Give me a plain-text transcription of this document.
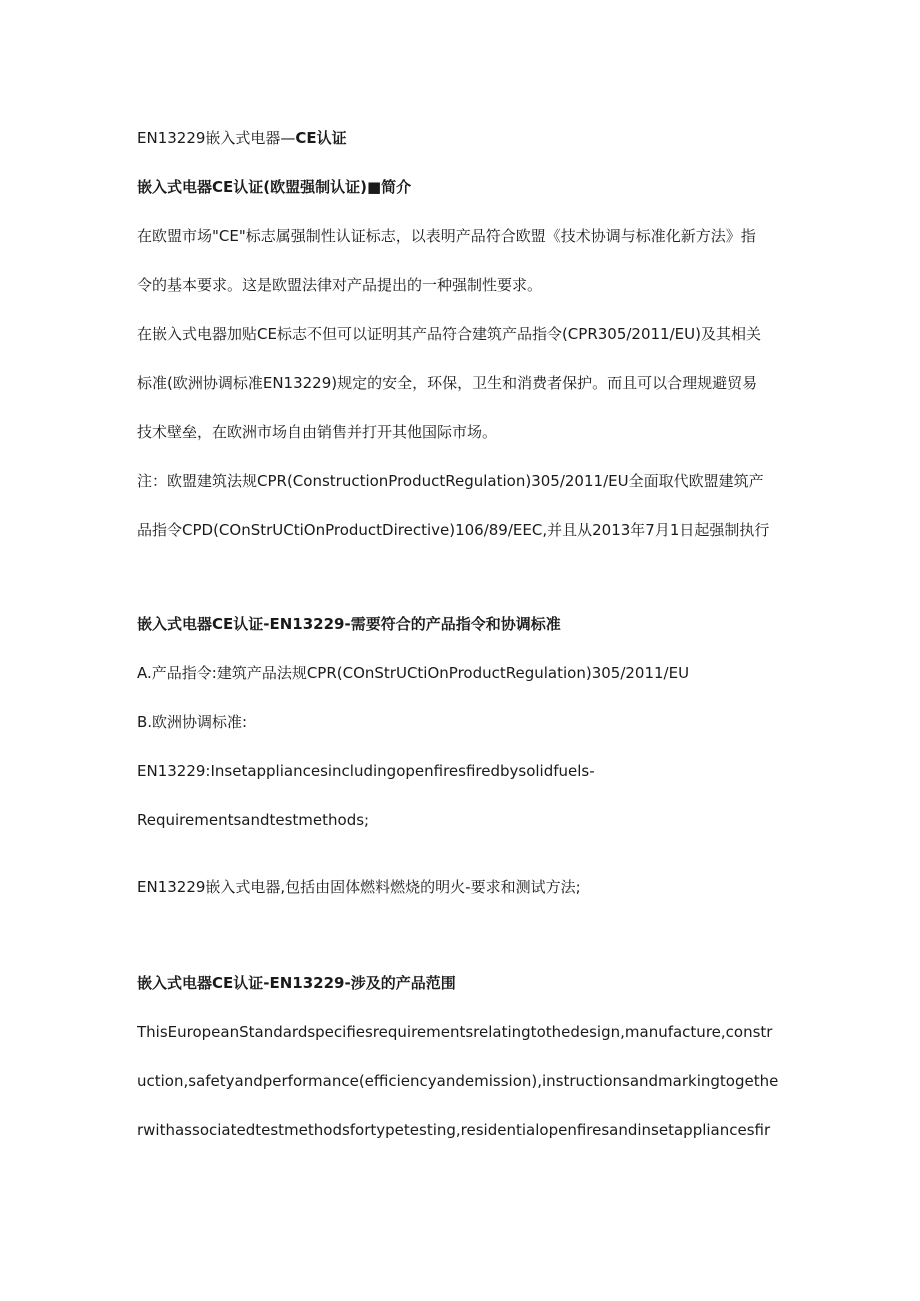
EN13229嵌入式电器—CE认证
嵌入式电器CE认证(欧盟强制认证)■简介
在欧盟市场"CE"标志属强制性认证标志，以表明产品符合欧盟《技术协调与标准化新方法》指
令的基本要求。这是欧盟法律对产品提出的一种强制性要求。
在嵌入式电器加贴CE标志不但可以证明其产品符合建筑产品指令(CPR305/2011/EU)及其相关
标准(欧洲协调标准EN13229)规定的安全，环保，卫生和消费者保护。而且可以合理规避贸易
技术壁垒，在欧洲市场自由销售并打开其他国际市场。
注：欧盟建筑法规CPR(ConstructionProductRegulation)305/2011/EU全面取代欧盟建筑产
品指令CPD(COnStrUCtiOnProductDirective)106/89/EEC,并且从2013年7月1日起强制执行
嵌入式电器CE认证-EN13229-需要符合的产品指令和协调标准
A.产品指令:建筑产品法规CPR(COnStrUCtiOnProductRegulation)305/2011/EU
B.欧洲协调标准:
EN13229:Insetappliancesincludingopenfiresfiredbysolidfuels-
Requirementsandtestmethods;
EN13229嵌入式电器,包括由固体燃料燃烧的明火-要求和测试方法;
嵌入式电器CE认证-EN13229-涉及的产品范围
ThisEuropeanStandardspecifiesrequirementsrelatingtothedesign,manufacture,constr
uction,safetyandperformance(efficiencyandemission),instructionsandmarkingtogethe
rwithassociatedtestmethodsfortypetesting,residentialopenfiresandinsetappliancesfir
